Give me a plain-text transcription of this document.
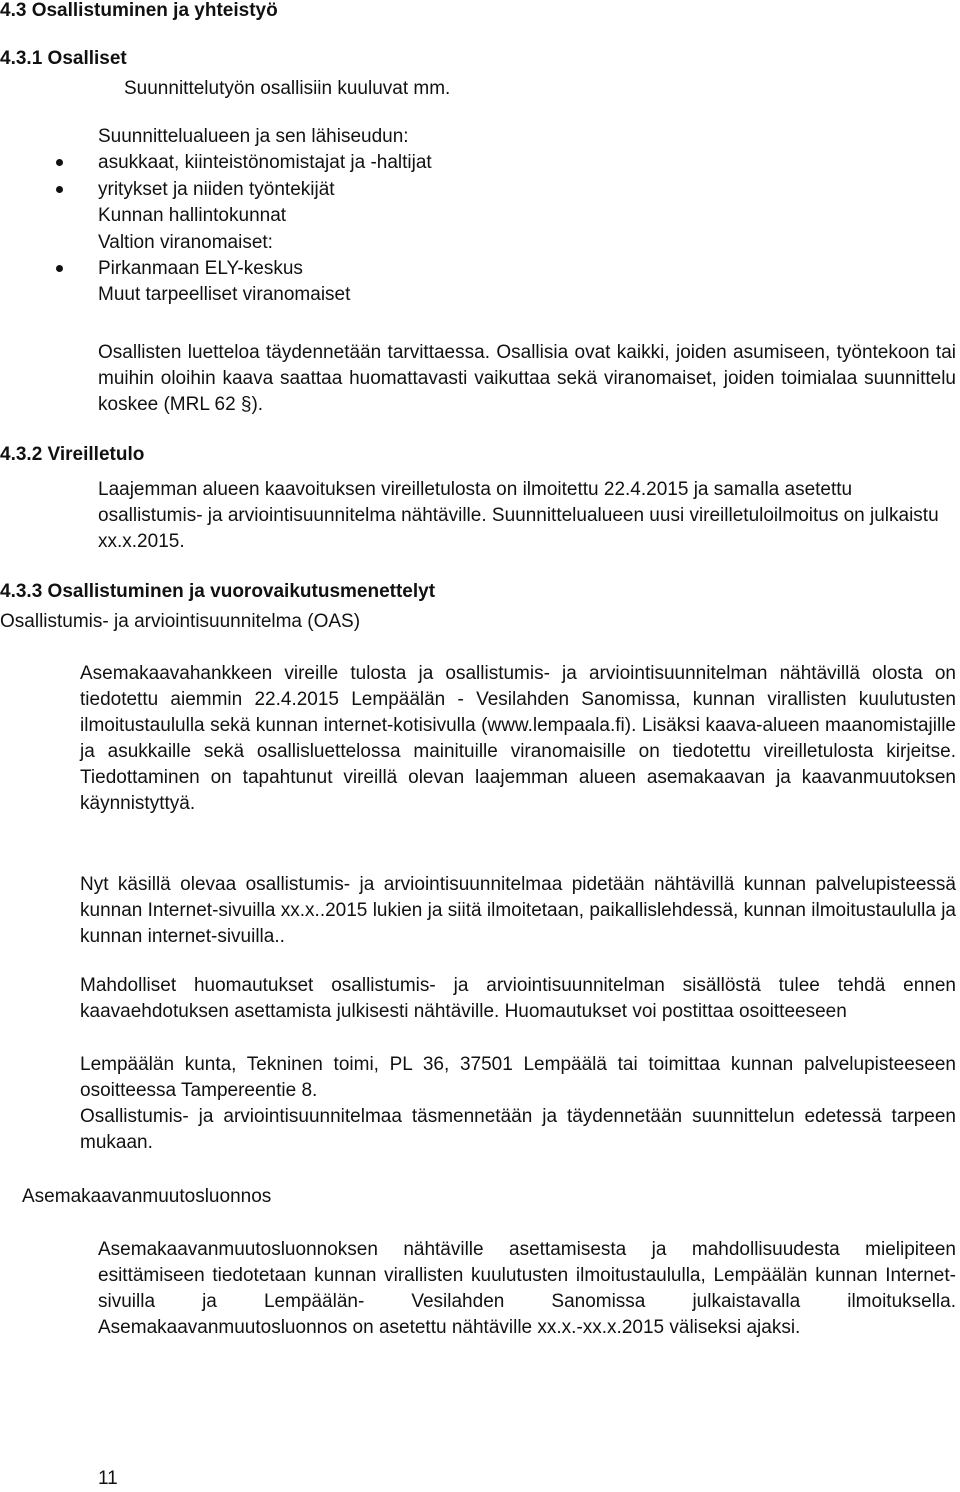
4.3 Osallistuminen ja yhteistyö
4.3.1 Osalliset
Suunnittelutyön osallisiin kuuluvat mm.
Suunnittelualueen ja sen lähiseudun:
asukkaat, kiinteistönomistajat ja -haltijat
yritykset ja niiden työntekijät
Kunnan hallintokunnat
Valtion viranomaiset:
Pirkanmaan ELY-keskus
Muut tarpeelliset viranomaiset

Osallisten luetteloa täydennetään tarvittaessa. Osallisia ovat kaikki, joiden asumiseen, työntekoon tai muihin oloihin kaava saattaa huomattavasti vaikuttaa sekä viranomaiset, joiden toimialaa suunnittelu koskee (MRL 62 §).

4.3.2 Vireilletulo

Laajemman alueen kaavoituksen vireilletulosta on ilmoitettu 22.4.2015 ja samalla asetettu osallistumis- ja arviointisuunnitelma nähtäville. Suunnittelualueen uusi vireilletuloilmoitus on julkaistu xx.x.2015.

4.3.3 Osallistuminen ja vuorovaikutusmenettelyt
Osallistumis- ja arviointisuunnitelma (OAS)

Asemakaavahankkeen vireille tulosta ja osallistumis- ja arviointisuunnitelman nähtävillä olosta on tiedotettu aiemmin 22.4.2015 Lempäälän - Vesilahden Sanomissa, kunnan virallisten kuulutusten ilmoitustaululla sekä kunnan internet-kotisivulla (www.lempaala.fi). Lisäksi kaava-alueen maanomistajille ja asukkaille sekä osallisluettelossa mainituille viranomaisille on tiedotettu vireilletulosta kirjeitse. Tiedottaminen on tapahtunut vireillä olevan laajemman alueen asemakaavan ja kaavanmuutoksen käynnistyttyä.

Nyt käsillä olevaa osallistumis- ja arviointisuunnitelmaa pidetään nähtävillä kunnan palvelupisteessä kunnan Internet-sivuilla xx.x..2015 lukien ja siitä ilmoitetaan, paikallislehdessä, kunnan ilmoitustaululla ja kunnan internet-sivuilla..

Mahdolliset huomautukset osallistumis- ja arviointisuunnitelman sisällöstä tulee tehdä ennen kaavaehdotuksen asettamista julkisesti nähtäville. Huomautukset voi postittaa osoitteeseen

Lempäälän kunta, Tekninen toimi, PL 36, 37501 Lempäälä tai toimittaa kunnan palvelupisteeseen osoitteessa Tampereentie 8.

Osallistumis- ja arviointisuunnitelmaa täsmennetään ja täydennetään suunnittelun edetessä tarpeen mukaan.

Asemakaavanmuutosluonnos

Asemakaavanmuutosluonnoksen nähtäville asettamisesta ja mahdollisuudesta mielipiteen esittämiseen tiedotetaan kunnan virallisten kuulutusten ilmoitustaululla, Lempäälän kunnan Internet-sivuilla ja Lempäälän- Vesilahden Sanomissa julkaistavalla ilmoituksella. Asemakaavanmuutosluonnos on asetettu nähtäville xx.x.-xx.x.2015 väliseksi ajaksi.

11
